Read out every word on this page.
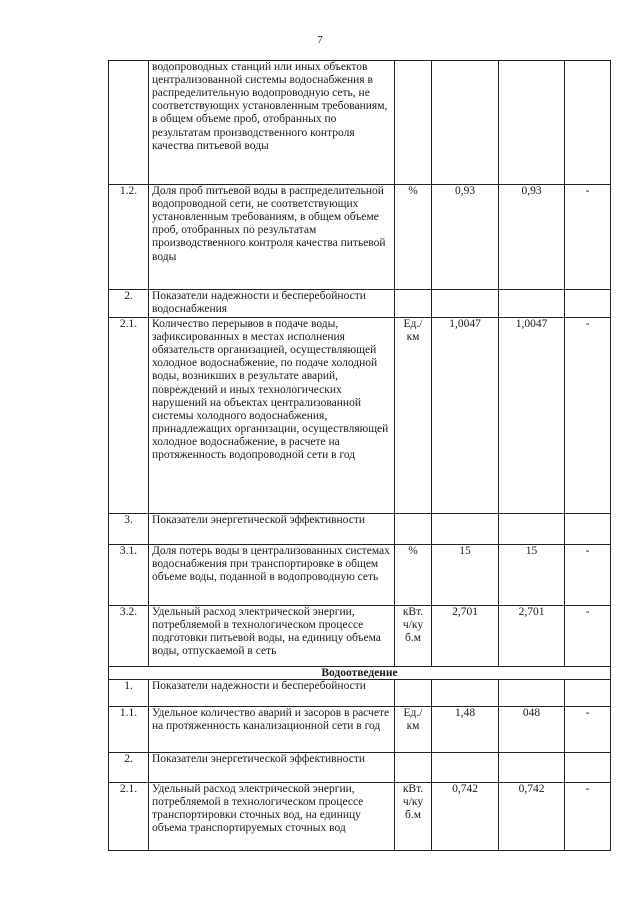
7
	водопроводных станций или иных объектов централизованной системы водоснабжения в распределительную водопроводную сеть, не соответствующих установленным требованиям, в общем объеме проб, отобранных по результатам производственного контроля качества питьевой воды				
1.2.	Доля проб питьевой воды в распределительной водопроводной сети, не соответствующих установленным требованиям, в общем объеме проб, отобранных по результатам производственного контроля качества питьевой воды	%	0,93	0,93	-
2.	Показатели надежности и бесперебойности водоснабжения				
2.1.	Количество перерывов в подаче воды, зафиксированных в местах исполнения обязательств организацией, осуществляющей холодное водоснабжение, по подаче холодной воды, возникших в результате аварий, повреждений и иных технологических нарушений на объектах централизованной системы холодного водоснабжения, принадлежащих организации, осуществляющей холодное водоснабжение, в расчете на протяженность водопроводной сети в год	Ед./ км	1,0047	1,0047	-
3.	Показатели энергетической эффективности				
3.1.	Доля потерь воды в централизованных системах водоснабжения при транспортировке в общем объеме воды, поданной в водопроводную сеть	%	15	15	-
3.2.	Удельный расход электрической энергии, потребляемой в технологическом процессе подготовки питьевой воды, на единицу объема воды, отпускаемой в сеть	кВт. ч/ку б.м	2,701	2,701	-
Водоотведение					
1.	Показатели надежности и бесперебойности				
1.1.	Удельное количество аварий и засоров в расчете на протяженность канализационной сети в год	Ед./ км	1,48	048	-
2.	Показатели энергетической эффективности				
2.1.	Удельный расход электрической энергии, потребляемой в технологическом процессе транспортировки сточных вод, на единицу объема транспортируемых сточных вод	кВт. ч/ку б.м	0,742	0,742	-
